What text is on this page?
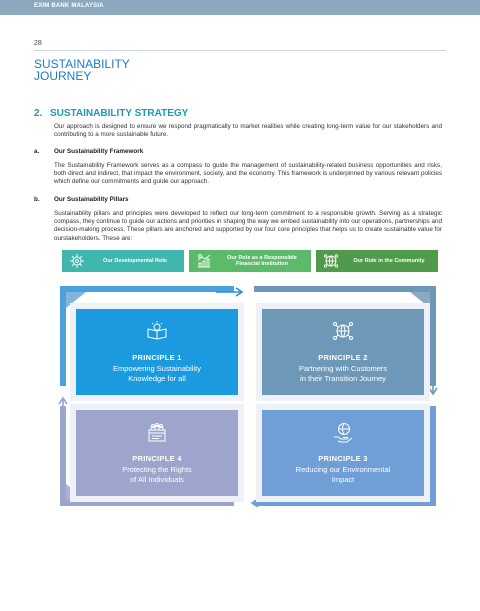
EXIM BANK MALAYSIA
28
SUSTAINABILITY
JOURNEY
2. SUSTAINABILITY STRATEGY

Our approach is designed to ensure we respond pragmatically to market realities while creating long-term value for our stakeholders and contributing to a more sustainable future.

a. Our Sustainability Framework

The Sustainability Framework serves as a compass to guide the management of sustainability-related business opportunities and risks, both direct and indirect, that impact the environment, society, and the economy. This framework is underpinned by various relevant policies which define our commitments and guide our approach.

b. Our Sustainability Pillars

Sustainability pillars and principles were developed to reflect our long-term commitment to a responsible growth. Serving as a strategic compass, they continue to guide our actions and priorities in shaping the way we embed sustainability into our operations, partnerships and decision-making process. These pillars are anchored and supported by our four core principles that helps us to create sustainable value for ourstakeholders. These are:

Our Developmental Role
Our Role as a Responsible
Financial Institution
Our Role in the Community
PRINCIPLE 1
Empowering Sustainability
Knowledge for all
PRINCIPLE 2
Partnering with Customers
in their Transition Journey
PRINCIPLE 3
Reducing our Environmental
Impact
PRINCIPLE 4
Protecting the Rights
of All Individuals
